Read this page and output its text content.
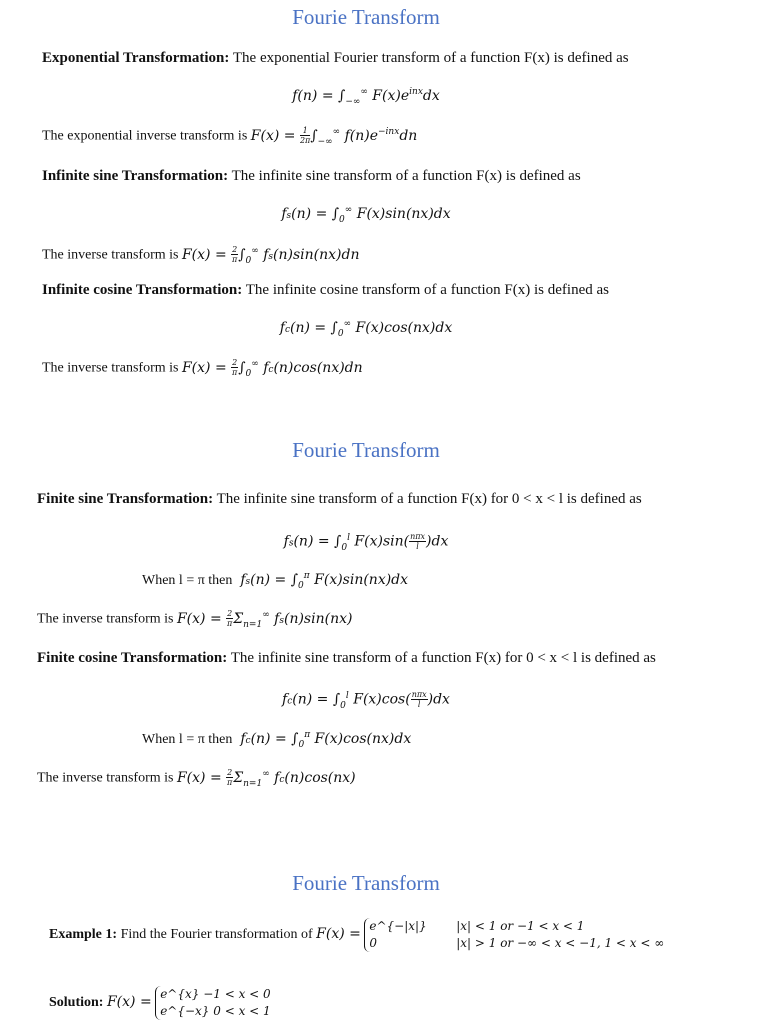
Fourie Transform
Exponential Transformation: The exponential Fourier transform of a function F(x) is defined as
$f(n) = \int_{-\infty}^\infty$ $F(x)e^{inx}dx$
The exponential inverse transform is $F(x) = \frac{1}{2\pi} \int_{-\infty}^\infty$ $f(n)e^{-inx}dn$
Infinite sine Transformation: The infinite sine transform of a function F(x) is defined as
$fs(n) = \int_0^\infty$ F(x)sin(nx)dx
The inverse transform is $F(x) = \frac{2}{\pi} \int_0^\infty$ fs(n)sin(nx)dn
Infinite cosine Transformation: The infinite cosine transform of a function F(x) is defined as
$fc(n) = \int_0^\infty$ F(x)cos(nx)dx
The inverse transform is $F(x) = \frac{2}{\pi} \int_0^\infty$ fc(n)cos(nx)dn
Fourie Transform
Finite sine Transformation: The infinite sine transform of a function F(x) for 0 < x < l is defined as
$fs(n) = \int_0^l$ $F(x)\sin( \frac{\text{nπx}}{l} )dx$
When l = π then  $fs(n) = \int_0^\pi$ F(x)sin(nx)dx
The inverse transform is $F(x) = \frac{2}{\pi} \Sigma_{n=1}^\infty$ fs(n)sin(nx)
Finite cosine Transformation: The infinite sine transform of a function F(x) for 0 < x < l is defined as
$fc(n) = \int_0^l$ $F(x)\cos( \frac{\text{nπx}}{l} )dx$
When l = π then  $fc(n) = \int_0^\pi$ F(x)cos(nx)dx
The inverse transform is $F(x) = \frac{2}{\pi} \Sigma_{n=1}^\infty$ fc(n)cos(nx)
Fourie Transform
Example 1: Find the Fourier transformation of F(x) =
e^{−|x|}
0

|x| < 1 or −1 < x < 1
|x| > 1 or −∞ < x < −1, 1 < x < ∞
Solution: F(x) =
e^{x} −1 < x < 0
e^{−x} 0 < x < 1
